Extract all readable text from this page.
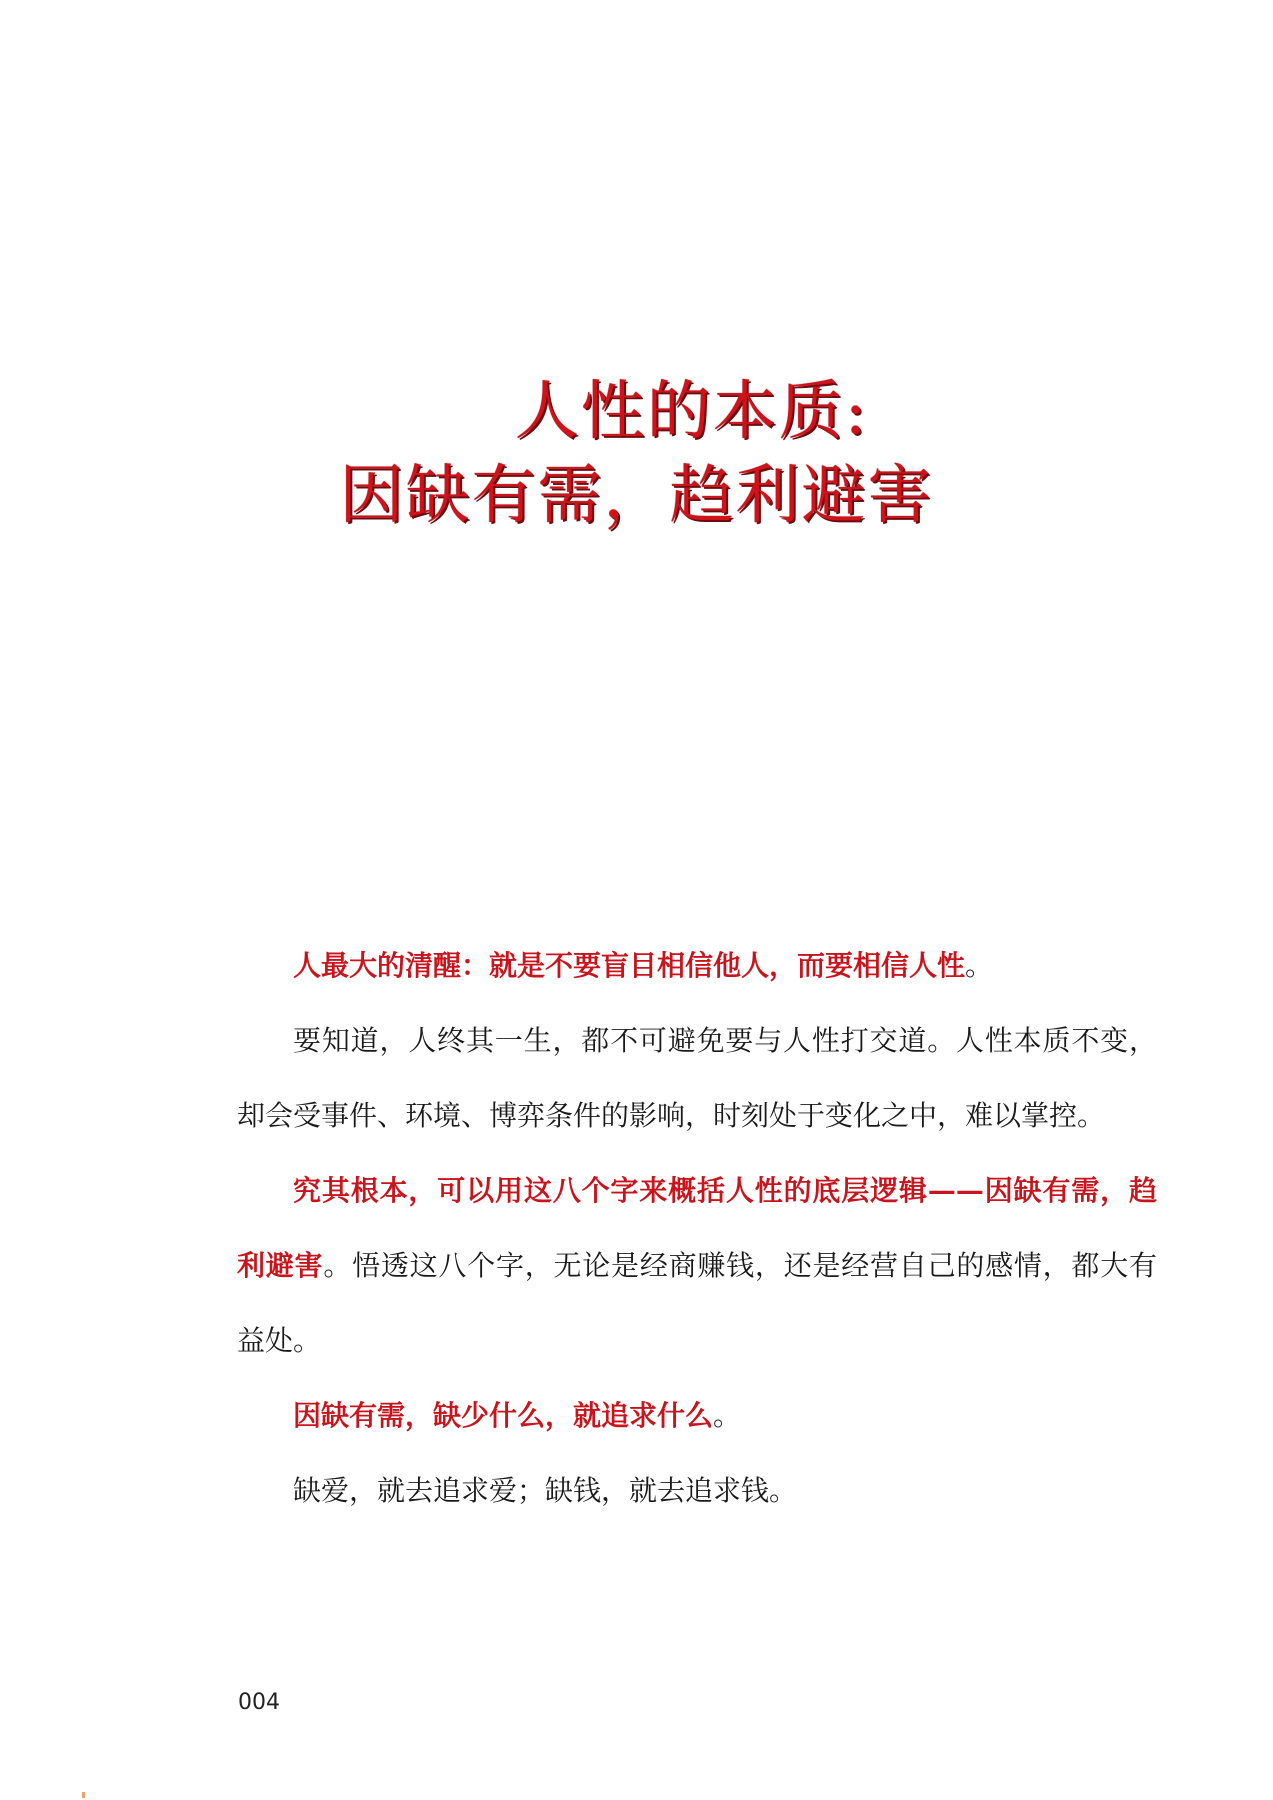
人性的本质:
因缺有需，趋利避害

人最大的清醒：就是不要盲目相信他人，而要相信人性。

要知道，人终其一生，都不可避免要与人性打交道。人性本质不变，却会受事件、环境、博弈条件的影响，时刻处于变化之中，难以掌控。

究其根本，可以用这八个字来概括人性的底层逻辑——因缺有需，趋利避害。悟透这八个字，无论是经商赚钱，还是经营自己的感情，都大有益处。

因缺有需，缺少什么，就追求什么。

缺爱，就去追求爱；缺钱，就去追求钱。

004
